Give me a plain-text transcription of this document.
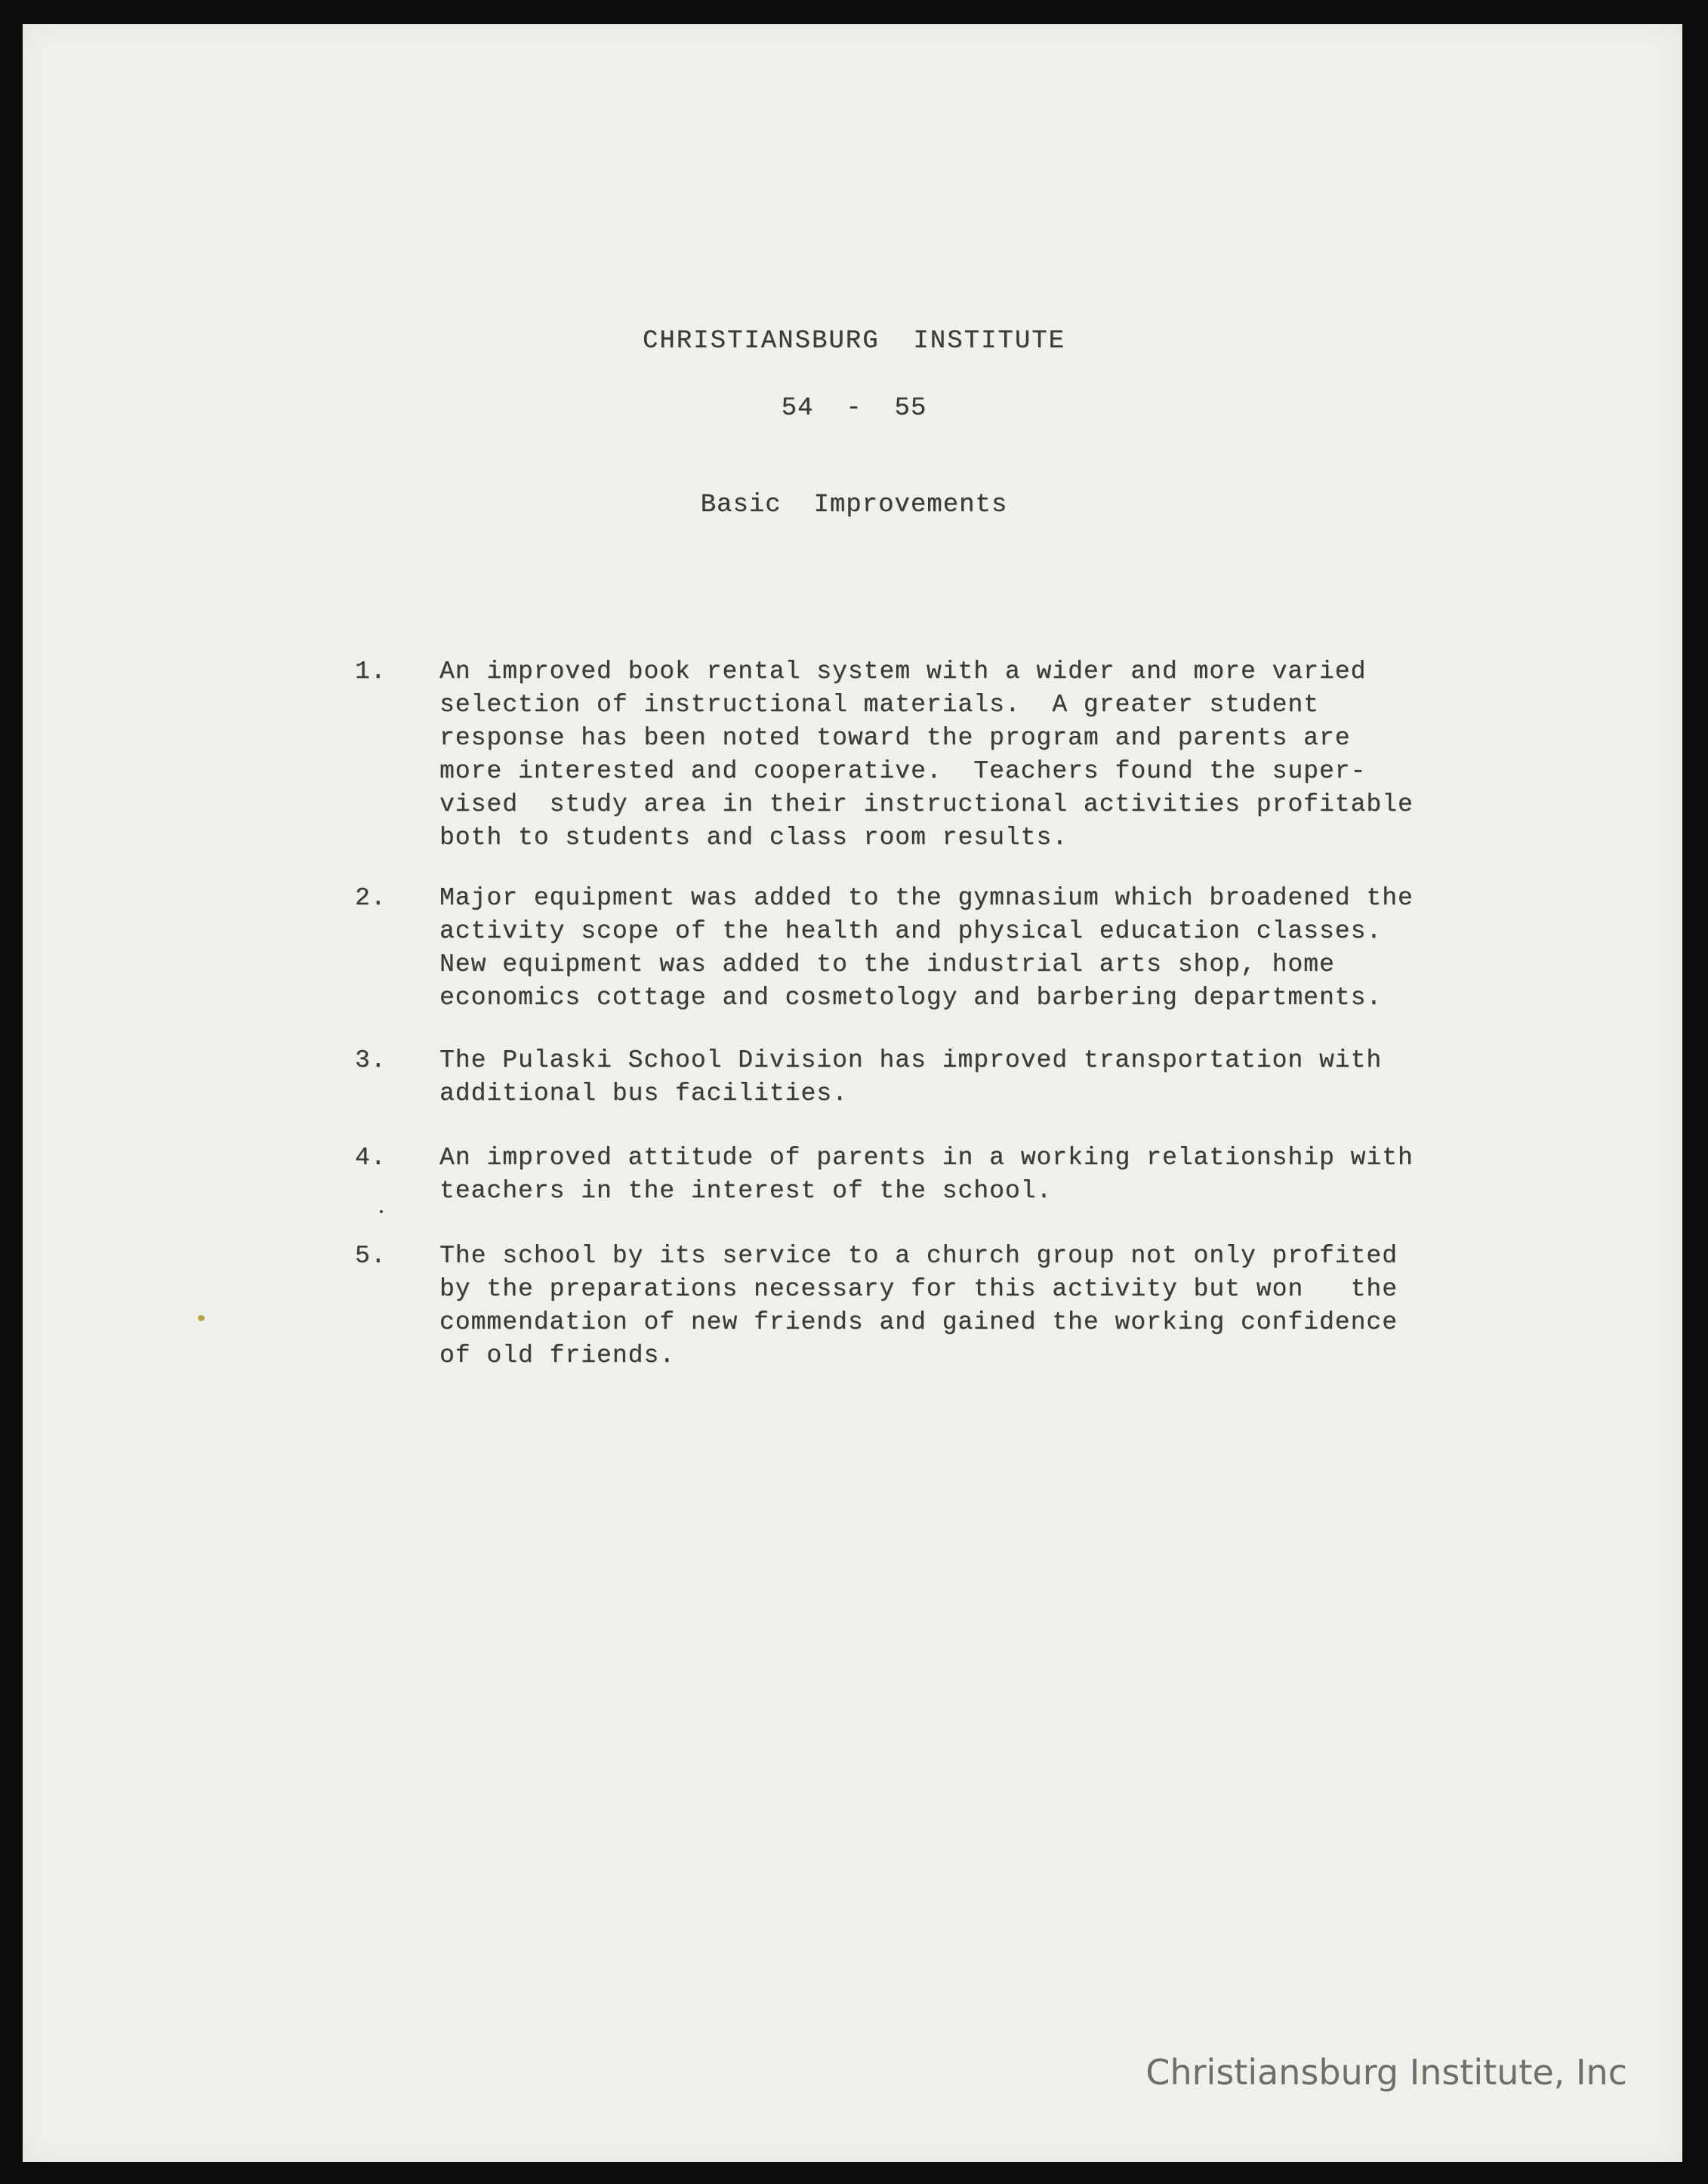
CHRISTIANSBURG  INSTITUTE
54  -  55
Basic  Improvements
1.	An improved book rental system with a wider and more varied
selection of instructional materials.  A greater student
response has been noted toward the program and parents are
more interested and cooperative.  Teachers found the super-
vised  study area in their instructional activities profitable
both to students and class room results.
2.	Major equipment was added to the gymnasium which broadened the
activity scope of the health and physical education classes.
New equipment was added to the industrial arts shop, home
economics cottage and cosmetology and barbering departments.
3.	The Pulaski School Division has improved transportation with
additional bus facilities.
4.	An improved attitude of parents in a working relationship with
teachers in the interest of the school.
5.	The school by its service to a church group not only profited
by the preparations necessary for this activity but won   the
commendation of new friends and gained the working confidence
of old friends.
Christiansburg Institute, Inc
